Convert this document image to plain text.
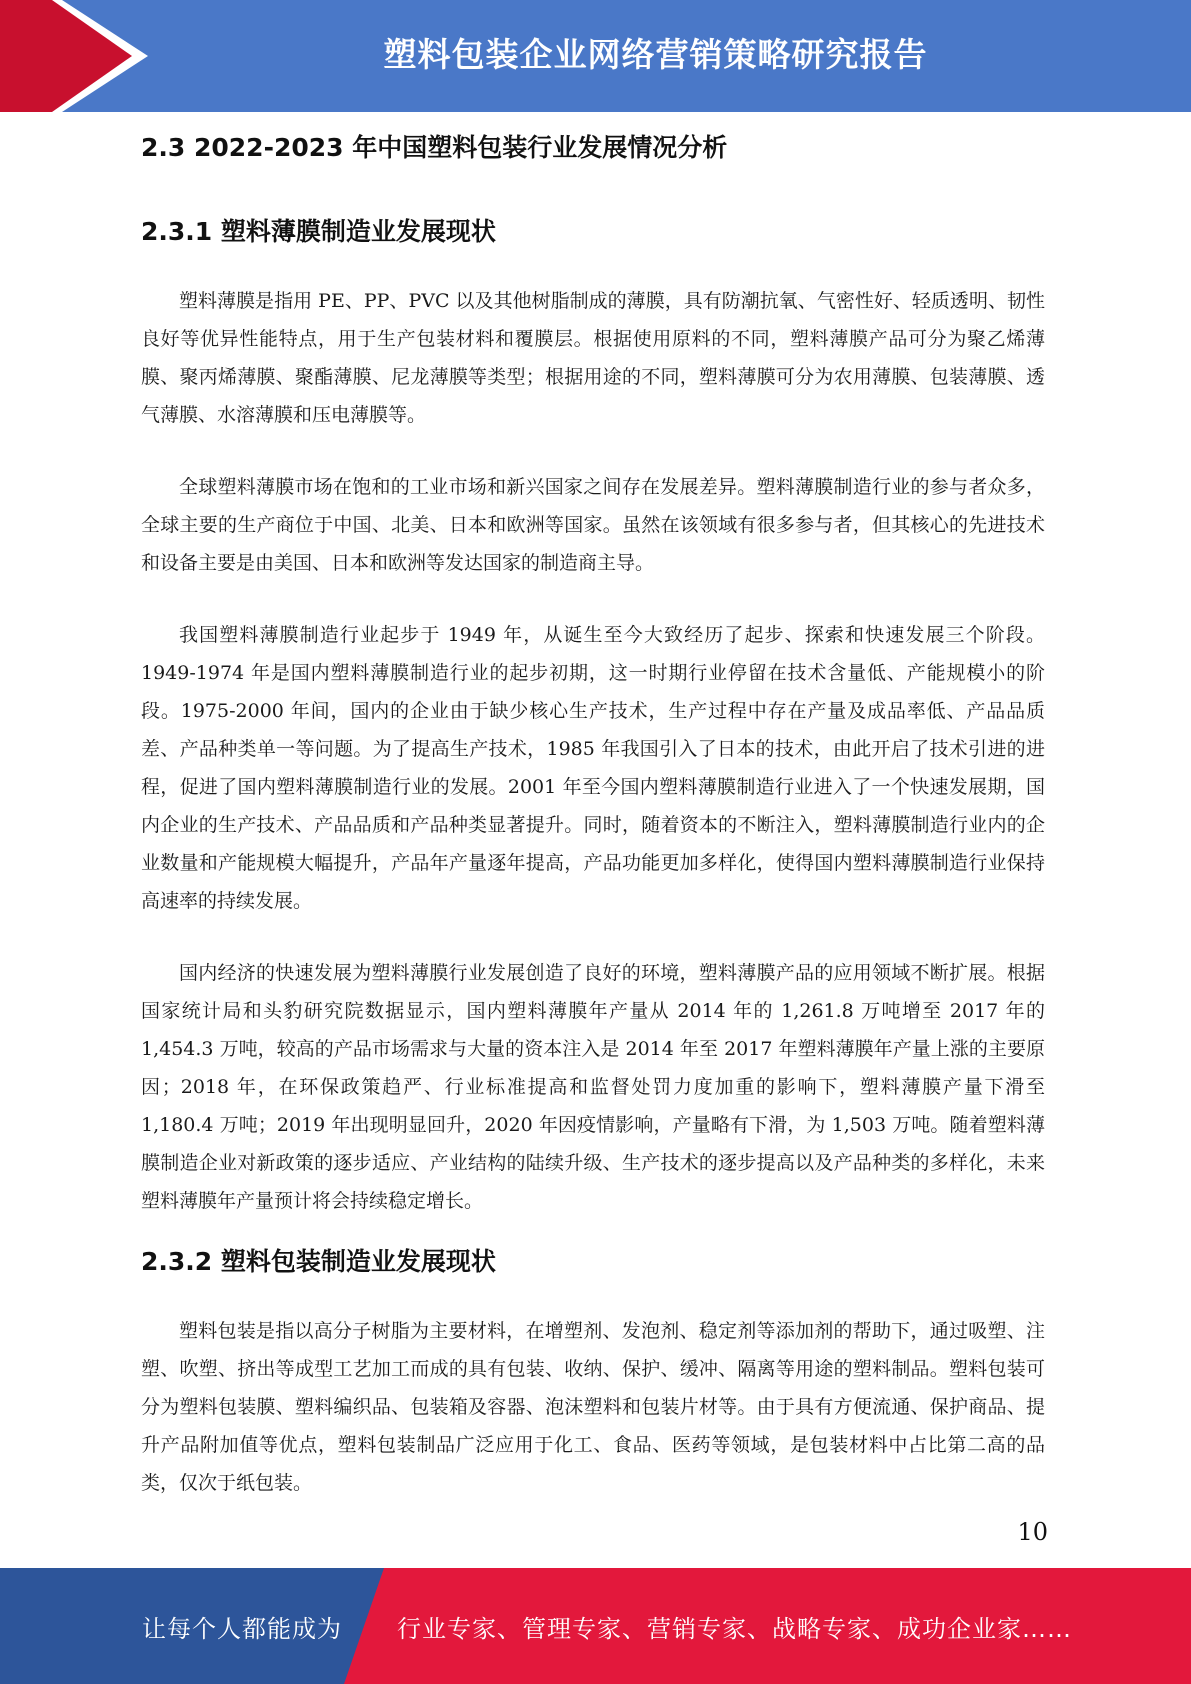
塑料包装企业网络营销策略研究报告
2.3 2022-2023 年中国塑料包装行业发展情况分析
2.3.1 塑料薄膜制造业发展现状

塑料薄膜是指用 PE、PP、PVC 以及其他树脂制成的薄膜，具有防潮抗氧、气密性好、轻质透明、韧性良好等优异性能特点，用于生产包装材料和覆膜层。根据使用原料的不同，塑料薄膜产品可分为聚乙烯薄膜、聚丙烯薄膜、聚酯薄膜、尼龙薄膜等类型；根据用途的不同，塑料薄膜可分为农用薄膜、包装薄膜、透气薄膜、水溶薄膜和压电薄膜等。

全球塑料薄膜市场在饱和的工业市场和新兴国家之间存在发展差异。塑料薄膜制造行业的参与者众多，全球主要的生产商位于中国、北美、日本和欧洲等国家。虽然在该领域有很多参与者，但其核心的先进技术和设备主要是由美国、日本和欧洲等发达国家的制造商主导。

我国塑料薄膜制造行业起步于 1949 年，从诞生至今大致经历了起步、探索和快速发展三个阶段。1949-1974 年是国内塑料薄膜制造行业的起步初期，这一时期行业停留在技术含量低、产能规模小的阶段。1975-2000 年间，国内的企业由于缺少核心生产技术，生产过程中存在产量及成品率低、产品品质差、产品种类单一等问题。为了提高生产技术，1985 年我国引入了日本的技术，由此开启了技术引进的进程，促进了国内塑料薄膜制造行业的发展。2001 年至今国内塑料薄膜制造行业进入了一个快速发展期，国内企业的生产技术、产品品质和产品种类显著提升。同时，随着资本的不断注入，塑料薄膜制造行业内的企业数量和产能规模大幅提升，产品年产量逐年提高，产品功能更加多样化，使得国内塑料薄膜制造行业保持高速率的持续发展。

国内经济的快速发展为塑料薄膜行业发展创造了良好的环境，塑料薄膜产品的应用领域不断扩展。根据国家统计局和头豹研究院数据显示，国内塑料薄膜年产量从 2014 年的 1,261.8 万吨增至 2017 年的 1,454.3 万吨，较高的产品市场需求与大量的资本注入是 2014 年至 2017 年塑料薄膜年产量上涨的主要原因；2018 年，在环保政策趋严、行业标准提高和监督处罚力度加重的影响下，塑料薄膜产量下滑至 1,180.4 万吨；2019 年出现明显回升，2020 年因疫情影响，产量略有下滑，为 1,503 万吨。随着塑料薄膜制造企业对新政策的逐步适应、产业结构的陆续升级、生产技术的逐步提高以及产品种类的多样化，未来塑料薄膜年产量预计将会持续稳定增长。

2.3.2 塑料包装制造业发展现状

塑料包装是指以高分子树脂为主要材料，在增塑剂、发泡剂、稳定剂等添加剂的帮助下，通过吸塑、注塑、吹塑、挤出等成型工艺加工而成的具有包装、收纳、保护、缓冲、隔离等用途的塑料制品。塑料包装可分为塑料包装膜、塑料编织品、包装箱及容器、泡沫塑料和包装片材等。由于具有方便流通、保护商品、提升产品附加值等优点，塑料包装制品广泛应用于化工、食品、医药等领域，是包装材料中占比第二高的品类，仅次于纸包装。

10
让每个人都能成为 行业专家、管理专家、营销专家、战略专家、成功企业家……
